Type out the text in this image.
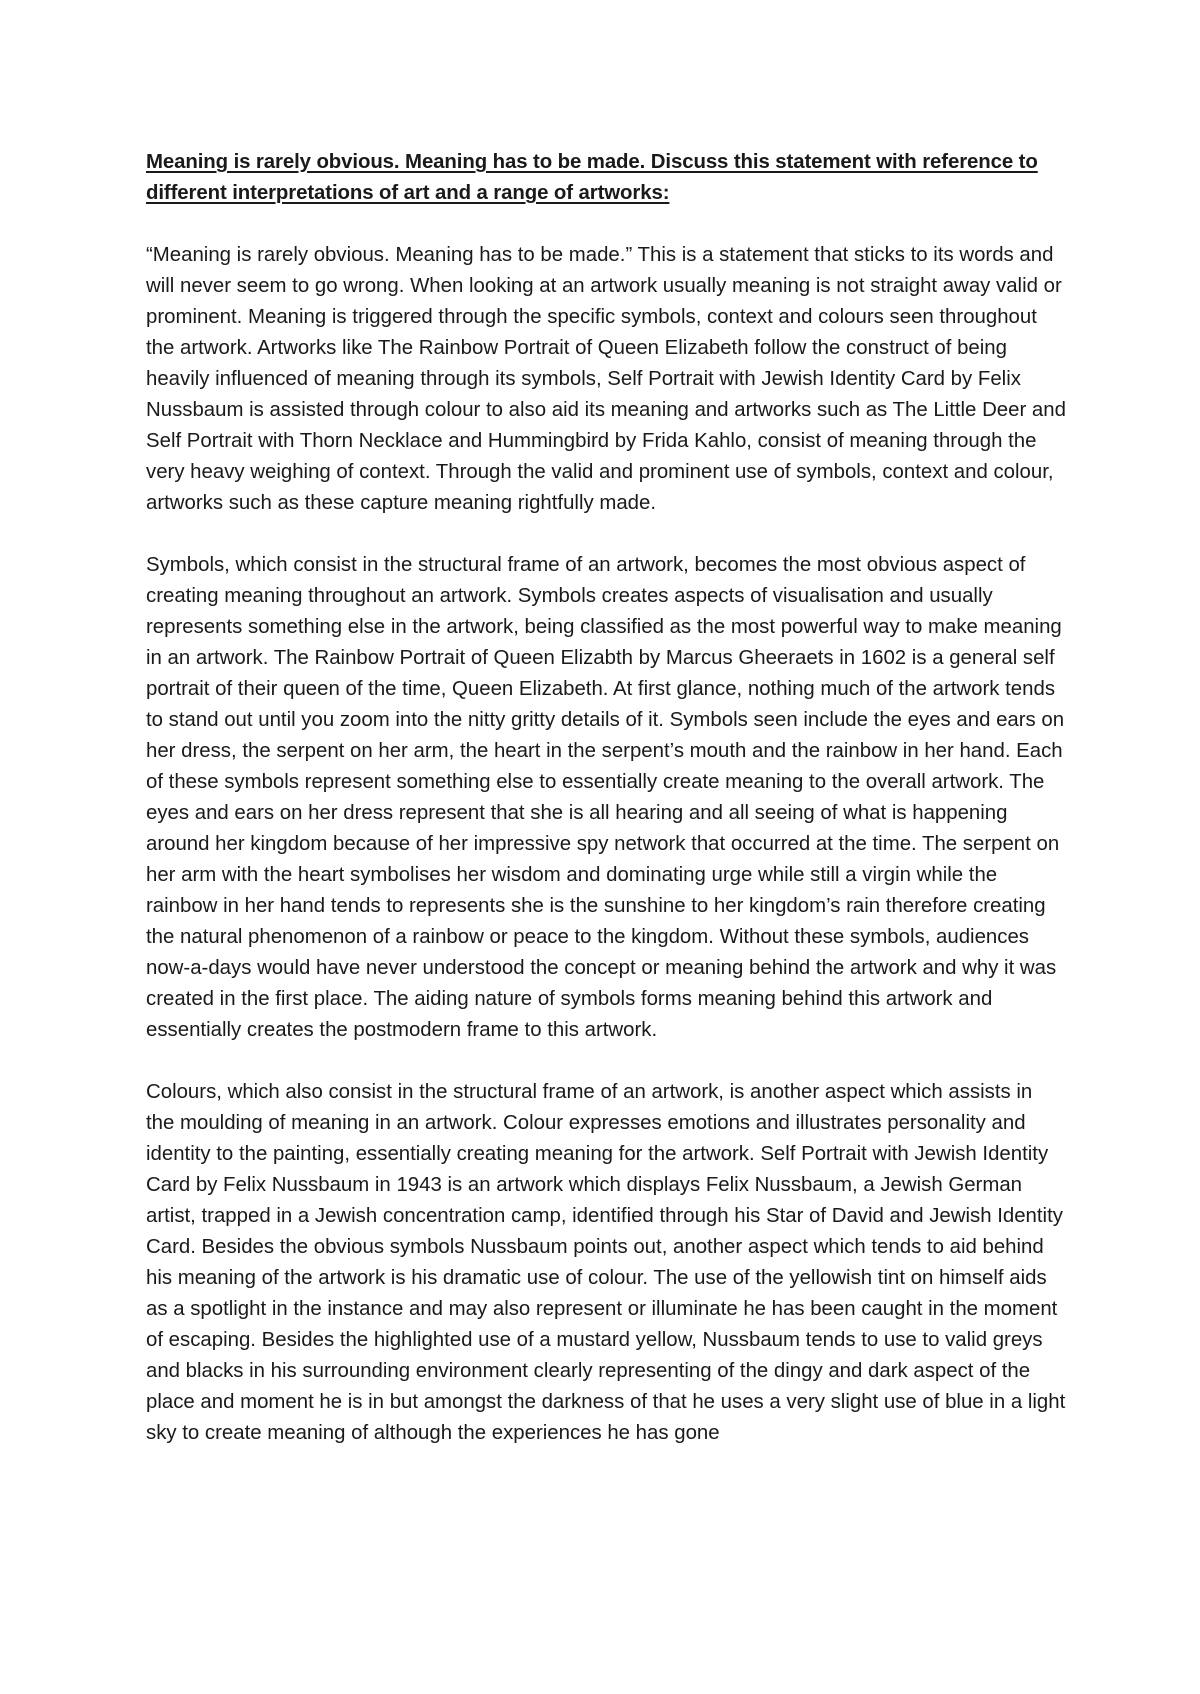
Meaning is rarely obvious. Meaning has to be made. Discuss this statement with reference to different interpretations of art and a range of artworks:

“Meaning is rarely obvious. Meaning has to be made.” This is a statement that sticks to its words and will never seem to go wrong. When looking at an artwork usually meaning is not straight away valid or prominent. Meaning is triggered through the specific symbols, context and colours seen throughout the artwork. Artworks like The Rainbow Portrait of Queen Elizabeth follow the construct of being heavily influenced of meaning through its symbols, Self Portrait with Jewish Identity Card by Felix Nussbaum is assisted through colour to also aid its meaning and artworks such as The Little Deer and Self Portrait with Thorn Necklace and Hummingbird by Frida Kahlo, consist of meaning through the very heavy weighing of context. Through the valid and prominent use of symbols, context and colour, artworks such as these capture meaning rightfully made.

Symbols, which consist in the structural frame of an artwork, becomes the most obvious aspect of creating meaning throughout an artwork. Symbols creates aspects of visualisation and usually represents something else in the artwork, being classified as the most powerful way to make meaning in an artwork. The Rainbow Portrait of Queen Elizabth by Marcus Gheeraets in 1602 is a general self portrait of their queen of the time, Queen Elizabeth. At first glance, nothing much of the artwork tends to stand out until you zoom into the nitty gritty details of it. Symbols seen include the eyes and ears on her dress, the serpent on her arm, the heart in the serpent’s mouth and the rainbow in her hand. Each of these symbols represent something else to essentially create meaning to the overall artwork. The eyes and ears on her dress represent that she is all hearing and all seeing of what is happening around her kingdom because of her impressive spy network that occurred at the time. The serpent on her arm with the heart symbolises her wisdom and dominating urge while still a virgin while the rainbow in her hand tends to represents she is the sunshine to her kingdom’s rain therefore creating the natural phenomenon of a rainbow or peace to the kingdom. Without these symbols, audiences now-a-days would have never understood the concept or meaning behind the artwork and why it was created in the first place. The aiding nature of symbols forms meaning behind this artwork and essentially creates the postmodern frame to this artwork.

Colours, which also consist in the structural frame of an artwork, is another aspect which assists in the moulding of meaning in an artwork. Colour expresses emotions and illustrates personality and identity to the painting, essentially creating meaning for the artwork. Self Portrait with Jewish Identity Card by Felix Nussbaum in 1943 is an artwork which displays Felix Nussbaum, a Jewish German artist, trapped in a Jewish concentration camp, identified through his Star of David and Jewish Identity Card. Besides the obvious symbols Nussbaum points out, another aspect which tends to aid behind his meaning of the artwork is his dramatic use of colour. The use of the yellowish tint on himself aids as a spotlight in the instance and may also represent or illuminate he has been caught in the moment of escaping. Besides the highlighted use of a mustard yellow, Nussbaum tends to use to valid greys and blacks in his surrounding environment clearly representing of the dingy and dark aspect of the place and moment he is in but amongst the darkness of that he uses a very slight use of blue in a light sky to create meaning of although the experiences he has gone
